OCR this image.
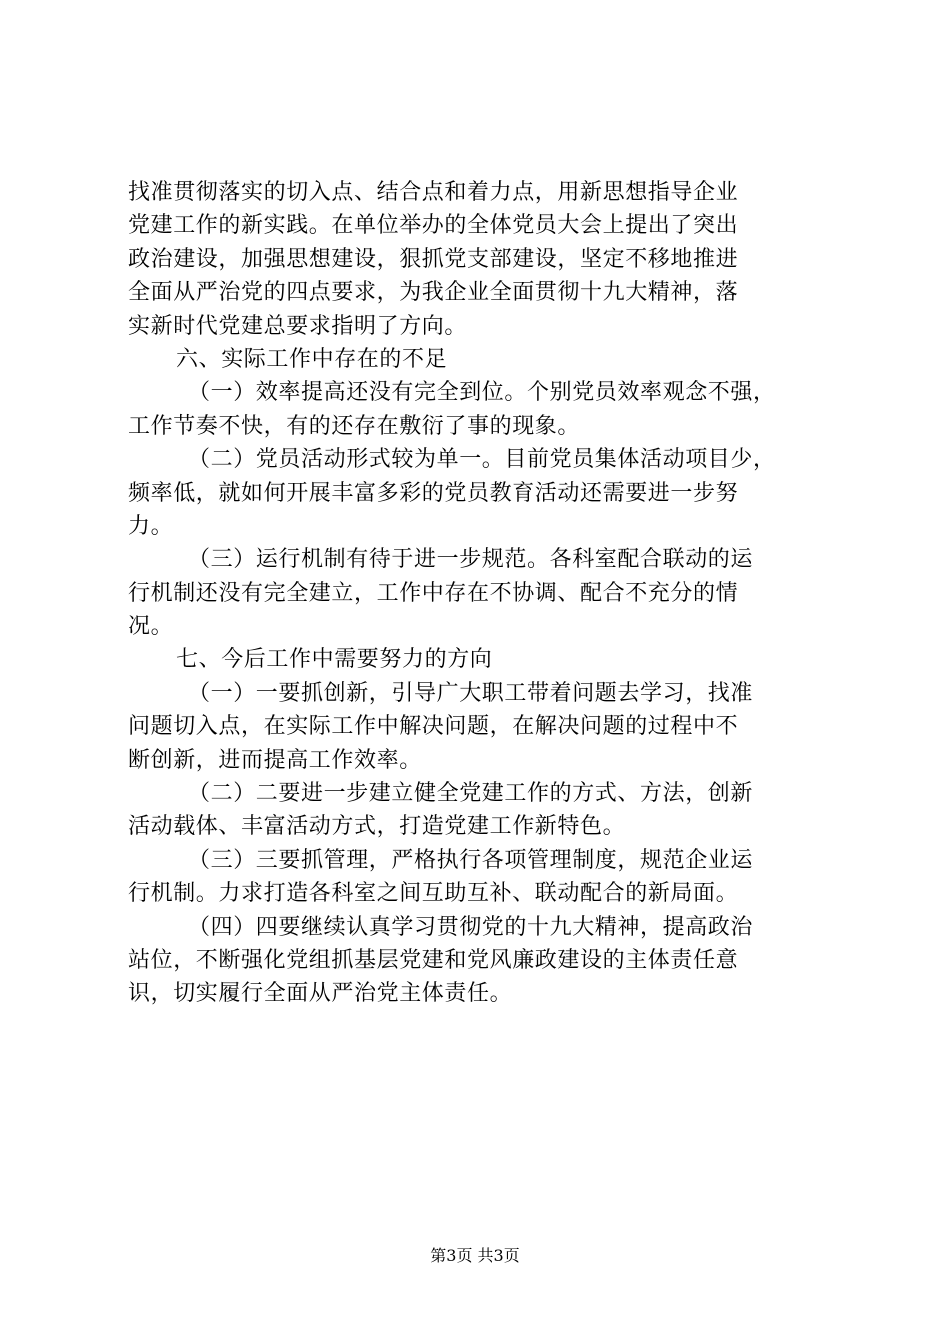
找准贯彻落实的切入点、结合点和着力点，用新思想指导企业
党建工作的新实践。在单位举办的全体党员大会上提出了突出
政治建设，加强思想建设，狠抓党支部建设，坚定不移地推进
全面从严治党的四点要求，为我企业全面贯彻十九大精神，落
实新时代党建总要求指明了方向。
六、实际工作中存在的不足
（一）效率提高还没有完全到位。个别党员效率观念不强，
工作节奏不快，有的还存在敷衍了事的现象。
（二）党员活动形式较为单一。目前党员集体活动项目少，
频率低，就如何开展丰富多彩的党员教育活动还需要进一步努
力。
（三）运行机制有待于进一步规范。各科室配合联动的运
行机制还没有完全建立，工作中存在不协调、配合不充分的情
况。
七、今后工作中需要努力的方向
（一）一要抓创新，引导广大职工带着问题去学习，找准
问题切入点，在实际工作中解决问题，在解决问题的过程中不
断创新，进而提高工作效率。
（二）二要进一步建立健全党建工作的方式、方法，创新
活动载体、丰富活动方式，打造党建工作新特色。
（三）三要抓管理，严格执行各项管理制度，规范企业运
行机制。力求打造各科室之间互助互补、联动配合的新局面。
（四）四要继续认真学习贯彻党的十九大精神，提高政治
站位，不断强化党组抓基层党建和党风廉政建设的主体责任意
识，切实履行全面从严治党主体责任。

第3页 共3页
